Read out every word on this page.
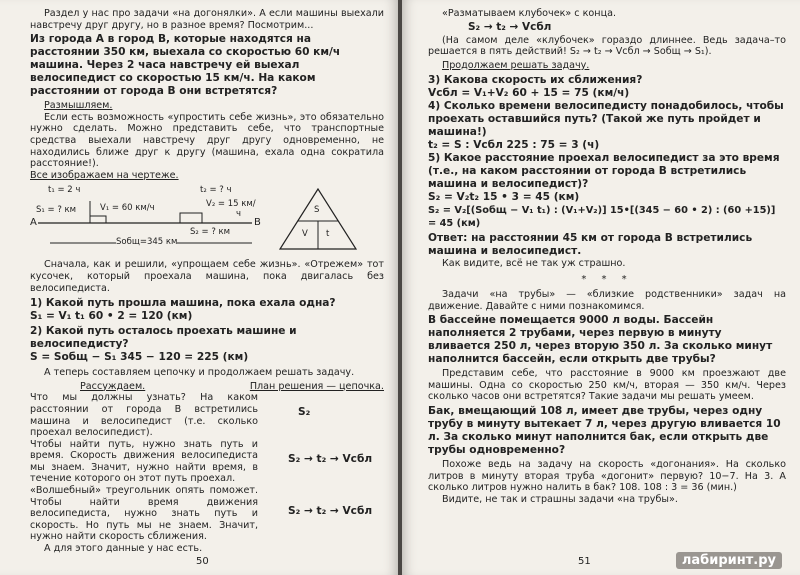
Раздел у нас про задачи «на догонялки». А если машины выехали навстречу друг другу, но в разное время? Посмотрим...

Из города A в город B, которые находятся на расстоянии 350 км, выехала со скоростью 60 км/ч машина. Через 2 часа навстречу ей выехал велосипедист со скоростью 15 км/ч. На каком расстоянии от города B они встретятся?

Размышляем.

Если есть возможность «упростить себе жизнь», это обязательно нужно сделать. Можно представить себе, что транспортные средства выехали навстречу друг другу одновременно, не находились ближе друг к другу (машина, ехала одна сократила расстояние!).

Все изображаем на чертеже.

t₁ = 2 ч
S₁ = ? км	V₁ = 60 км/ч
t₂ = ? ч
V₂ = 15 км/
ч
A	B
Sобщ=345 км
S₂ = ? км
S
V t

Сначала, как и решили, «упрощаем себе жизнь». «Отрежем» тот кусочек, который проехала машина, пока двигалась без велосипедиста.

1) Какой путь прошла машина, пока ехала одна?

S₁ = V₁ t₁ 60 • 2 = 120 (км)

2) Какой путь осталось проехать машине и велосипедисту?

S = Sобщ − S₁ 345 − 120 = 225 (км)

А теперь составляем цепочку и продолжаем решать задачу.

Рассуждаем.	План решения — цепочка.

Что мы должны узнать? На каком расстоянии от города B встретились машина и велосипедист (т.е. сколько проехал велосипедист).

S₂

Чтобы найти путь, нужно знать путь и время. Скорость движения велосипедиста мы знаем. Значит, нужно найти время, в течение которого он этот путь проехал.

S₂ → t₂ → Vсбл

«Волшебный» треугольник опять поможет. Чтобы найти время движения велосипедиста, нужно знать путь и скорость. Но путь мы не знаем. Значит, нужно найти скорость сближения.

S₂ → t₂ → Vсбл

А для этого данные у нас есть.

50

«Разматываем клубочек» с конца.

S₂ → t₂ → Vсбл

(На самом деле «клубочек» гораздо длиннее. Ведь задача–то решается в пять действий! S₂ → t₂ → Vсбл → Sобщ → S₁).

Продолжаем решать задачу.

3) Какова скорость их сближения?

Vсбл = V₁+V₂ 60 + 15 = 75 (км/ч)

4) Сколько времени велосипедисту понадобилось, чтобы проехать оставшийся путь? (Такой же путь пройдет и машина!)

t₂ = S : Vсбл 225 : 75 = 3 (ч)

5) Какое расстояние проехал велосипедист за это время (т.е., на каком расстоянии от города B встретились машина и велосипедист)?

S₂ = V₂t₂ 15 • 3 = 45 (км)

S₂ = V₂[(Sобщ − V₁ t₁) : (V₁+V₂)] 15•[(345 − 60 • 2) : (60 +15)] = 45 (км)

Ответ: на расстоянии 45 км от города B встретились машина и велосипедист.

Как видите, всё не так уж страшно.

* * *

Задачи «на трубы» — «близкие родственники» задач на движение. Давайте с ними познакомимся.

В бассейне помещается 9000 л воды. Бассейн наполняется 2 трубами, через первую в минуту вливается 250 л, через вторую 350 л. За сколько минут наполнится бассейн, если открыть две трубы?

Представим себе, что расстояние в 9000 км проезжают две машины. Одна со скоростью 250 км/ч, вторая — 350 км/ч. Через сколько часов они встретятся? Такие задачи мы решать умеем.

Бак, вмещающий 108 л, имеет две трубы, через одну трубу в минуту вытекает 7 л, через другую вливается 10 л. За сколько минут наполнится бак, если открыть две трубы одновременно?

Похоже ведь на задачу на скорость «догонания». На сколько литров в минуту вторая труба «догонит» первую? 10−7. На 3. А сколько литров нужно налить в бак? 108. 108 : 3 = 36 (мин.)

Видите, не так и страшны задачи «на трубы».

51	лабиринт.ру
